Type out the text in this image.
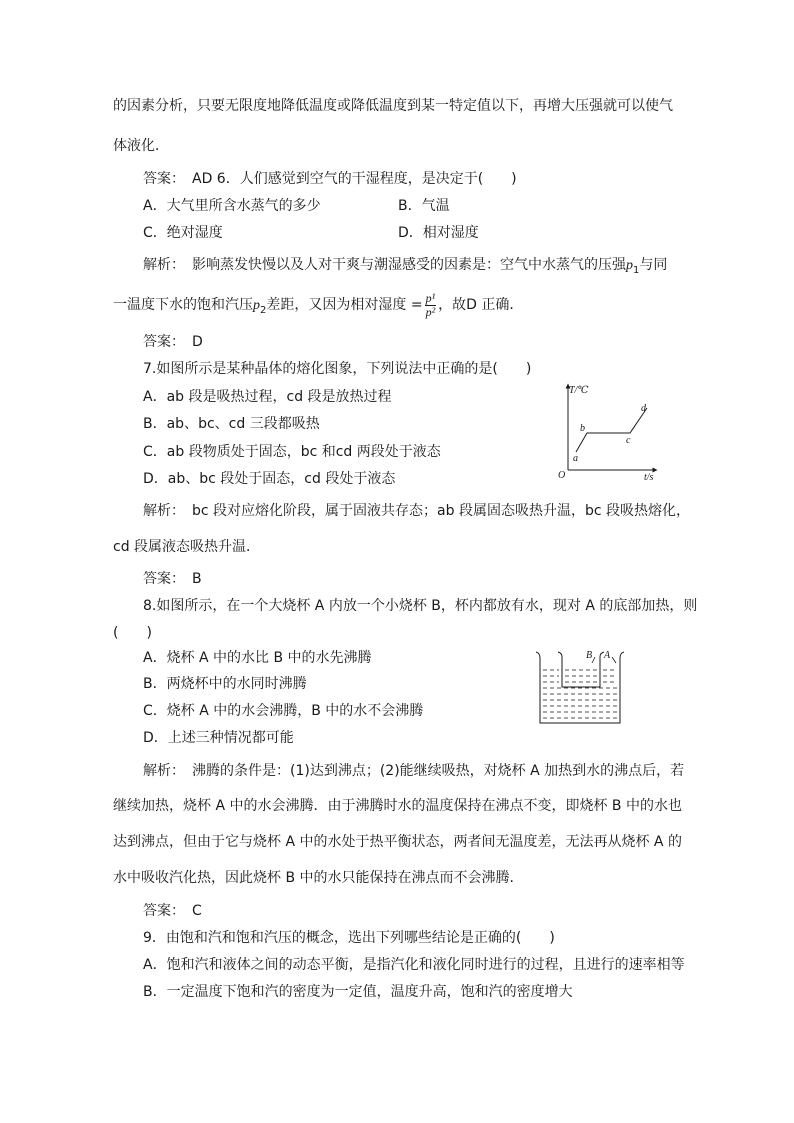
的因素分析，只要无限度地降低温度或降低温度到某一特定值以下，再增大压强就可以使气
体液化．
答案：　AD 6．人们感觉到空气的干湿程度，是决定于(　　)
A．大气里所含水蒸气的多少	B．气温
C．绝对湿度	D．相对湿度
解析：　影响蒸发快慢以及人对干爽与潮湿感受的因素是：空气中水蒸气的压强$p_1$与同
一温度下水的饱和汽压$p_2$差距，又因为相对湿度 = $\frac{\text{p¹}}{\text{p²}}$ ，故D 正确．
答案：　D
7.如图所示是某种晶体的熔化图象，下列说法中正确的是(　　)
A．ab 段是吸热过程，cd 段是放热过程
B．ab、bc、cd 三段都吸热
C．ab 段物质处于固态，bc 和cd 两段处于液态
D．ab、bc 段处于固态，cd 段处于液态
T/℃
t/s
O
a
b
c
d
解析：　bc 段对应熔化阶段，属于固液共存态；ab 段属固态吸热升温，bc 段吸热熔化，
cd 段属液态吸热升温．
答案：　B
8.如图所示，在一个大烧杯 A 内放一个小烧杯 B，杯内都放有水，现对 A 的底部加热，则
(　　)
A．烧杯 A 中的水比 B 中的水先沸腾
B．两烧杯中的水同时沸腾
C．烧杯 A 中的水会沸腾，B 中的水不会沸腾
D．上述三种情况都可能
B A
解析：　沸腾的条件是：(1)达到沸点；(2)能继续吸热，对烧杯 A 加热到水的沸点后，若
继续加热，烧杯 A 中的水会沸腾．由于沸腾时水的温度保持在沸点不变，即烧杯 B 中的水也
达到沸点，但由于它与烧杯 A 中的水处于热平衡状态，两者间无温度差，无法再从烧杯 A 的
水中吸收汽化热，因此烧杯 B 中的水只能保持在沸点而不会沸腾．
答案：　C
9．由饱和汽和饱和汽压的概念，选出下列哪些结论是正确的(　　)
A．饱和汽和液体之间的动态平衡，是指汽化和液化同时进行的过程，且进行的速率相等
B．一定温度下饱和汽的密度为一定值，温度升高，饱和汽的密度增大
